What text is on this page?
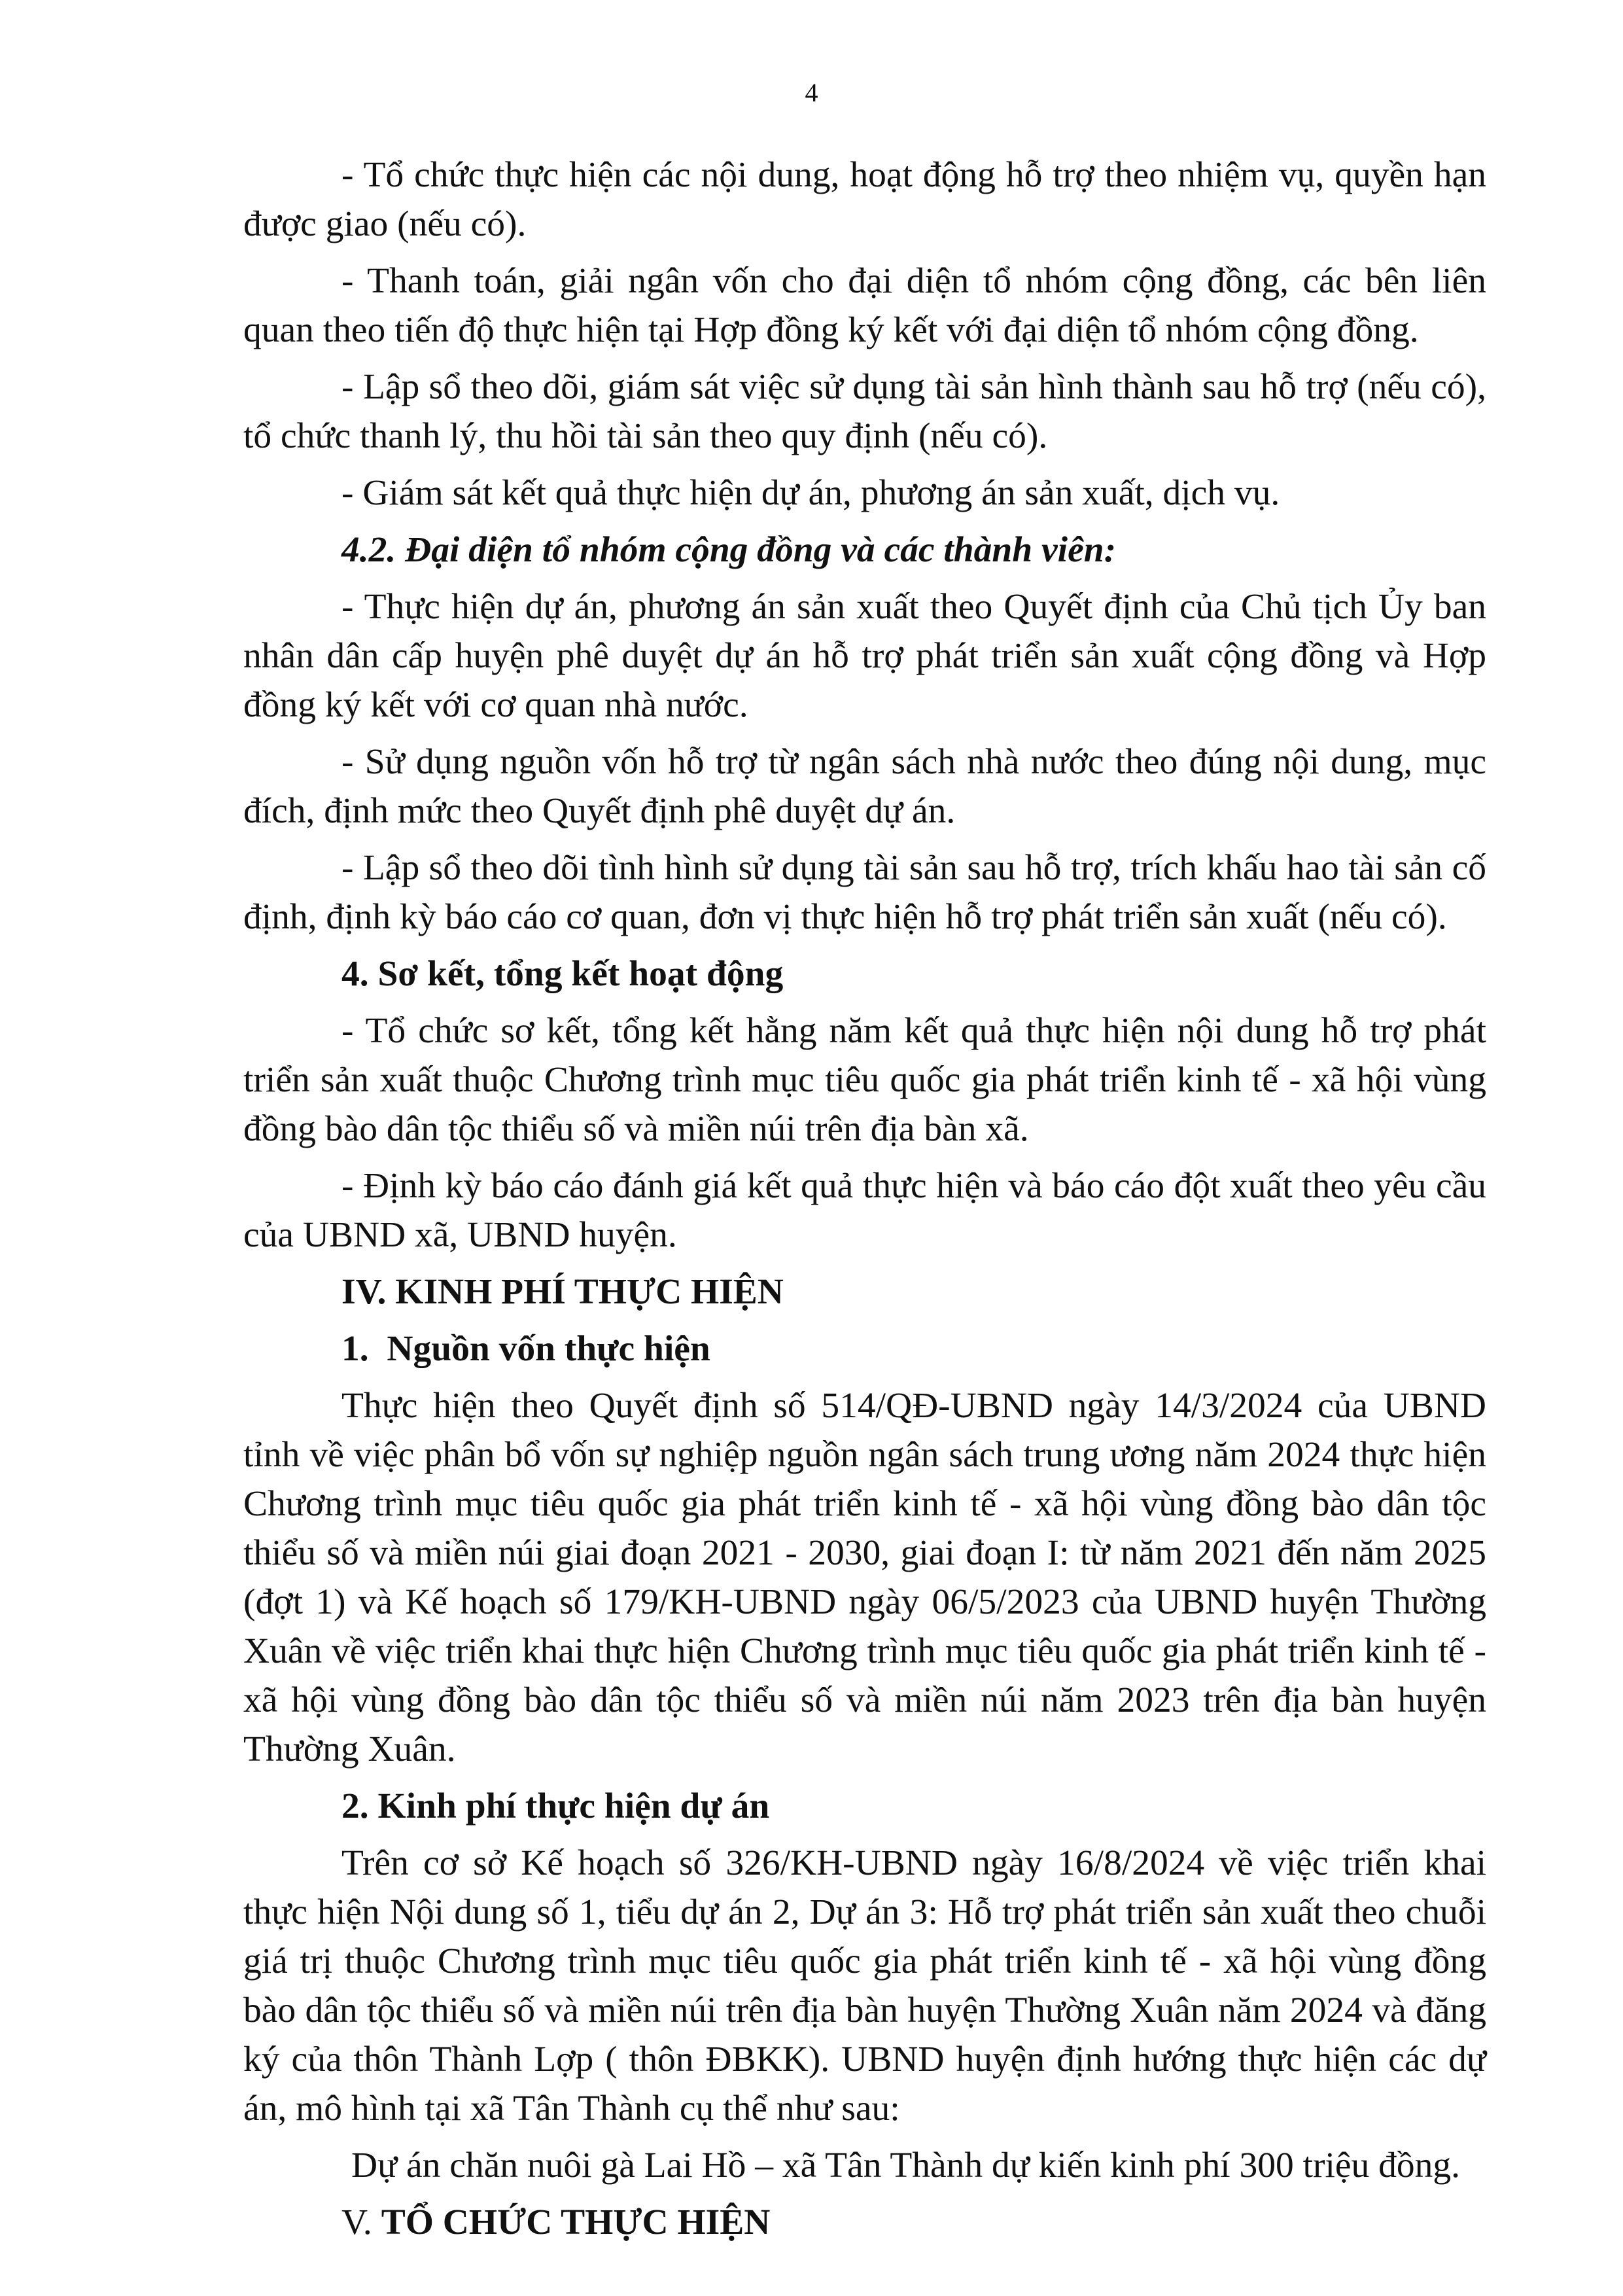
4

- Tổ chức thực hiện các nội dung, hoạt động hỗ trợ theo nhiệm vụ, quyền hạn được giao (nếu có).

- Thanh toán, giải ngân vốn cho đại diện tổ nhóm cộng đồng, các bên liên quan theo tiến độ thực hiện tại Hợp đồng ký kết với đại diện tổ nhóm cộng đồng.

- Lập sổ theo dõi, giám sát việc sử dụng tài sản hình thành sau hỗ trợ (nếu có), tổ chức thanh lý, thu hồi tài sản theo quy định (nếu có).

- Giám sát kết quả thực hiện dự án, phương án sản xuất, dịch vụ.

4.2. Đại diện tổ nhóm cộng đồng và các thành viên:

- Thực hiện dự án, phương án sản xuất theo Quyết định của Chủ tịch Ủy ban nhân dân cấp huyện phê duyệt dự án hỗ trợ phát triển sản xuất cộng đồng và Hợp đồng ký kết với cơ quan nhà nước.

- Sử dụng nguồn vốn hỗ trợ từ ngân sách nhà nước theo đúng nội dung, mục đích, định mức theo Quyết định phê duyệt dự án.

- Lập sổ theo dõi tình hình sử dụng tài sản sau hỗ trợ, trích khấu hao tài sản cố định, định kỳ báo cáo cơ quan, đơn vị thực hiện hỗ trợ phát triển sản xuất (nếu có).

4. Sơ kết, tổng kết hoạt động

- Tổ chức sơ kết, tổng kết hằng năm kết quả thực hiện nội dung hỗ trợ phát triển sản xuất thuộc Chương trình mục tiêu quốc gia phát triển kinh tế - xã hội vùng đồng bào dân tộc thiểu số và miền núi trên địa bàn xã.

- Định kỳ báo cáo đánh giá kết quả thực hiện và báo cáo đột xuất theo yêu cầu của UBND xã, UBND huyện.

IV. KINH PHÍ THỰC HIỆN

1.  Nguồn vốn thực hiện

Thực hiện theo Quyết định số 514/QĐ-UBND ngày 14/3/2024 của UBND tỉnh về việc phân bổ vốn sự nghiệp nguồn ngân sách trung ương năm 2024 thực hiện Chương trình mục tiêu quốc gia phát triển kinh tế - xã hội vùng đồng bào dân tộc thiểu số và miền núi giai đoạn 2021 - 2030, giai đoạn I: từ năm 2021 đến năm 2025 (đợt 1) và Kế hoạch số 179/KH-UBND ngày 06/5/2023 của UBND huyện Thường Xuân về việc triển khai thực hiện Chương trình mục tiêu quốc gia phát triển kinh tế - xã hội vùng đồng bào dân tộc thiểu số và miền núi năm 2023 trên địa bàn huyện Thường Xuân.

2. Kinh phí thực hiện dự án

Trên cơ sở Kế hoạch số 326/KH-UBND ngày 16/8/2024 về việc triển khai thực hiện Nội dung số 1, tiểu dự án 2, Dự án 3: Hỗ trợ phát triển sản xuất theo chuỗi giá trị thuộc Chương trình mục tiêu quốc gia phát triển kinh tế - xã hội vùng đồng bào dân tộc thiểu số và miền núi trên địa bàn huyện Thường Xuân năm 2024 và đăng ký của thôn Thành Lợp ( thôn ĐBKK). UBND huyện định hướng thực hiện các dự án, mô hình tại xã Tân Thành cụ thể như sau:

Dự án chăn nuôi gà Lai Hồ – xã Tân Thành dự kiến kinh phí 300 triệu đồng.

V. TỔ CHỨC THỰC HIỆN
